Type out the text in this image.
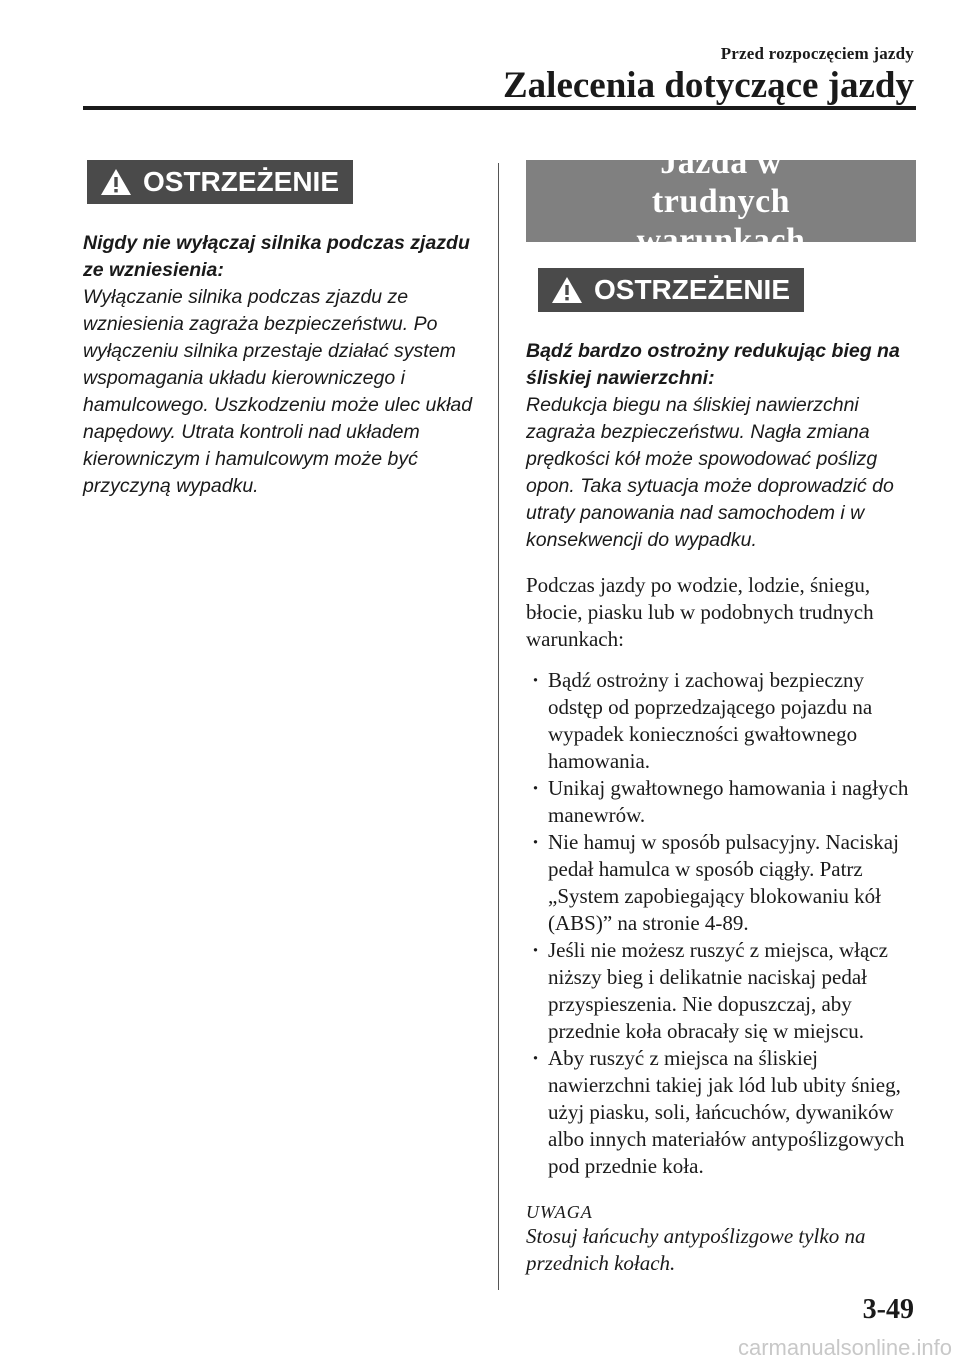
Przed rozpoczęciem jazdy
Zalecenia dotyczące jazdy
OSTRZEŻENIE

Nigdy nie wyłączaj silnika podczas zjazdu ze wzniesienia:

Wyłączanie silnika podczas zjazdu ze wzniesienia zagraża bezpieczeństwu. Po wyłączeniu silnika przestaje działać system wspomagania układu kierowniczego i hamulcowego. Uszkodzeniu może ulec układ napędowy. Utrata kontroli nad układem kierowniczym i hamulcowym może być przyczyną wypadku.

Jazda w trudnych warunkach
OSTRZEŻENIE

Bądź bardzo ostrożny redukując bieg na śliskiej nawierzchni:

Redukcja biegu na śliskiej nawierzchni zagraża bezpieczeństwu. Nagła zmiana prędkości kół może spowodować poślizg opon. Taka sytuacja może doprowadzić do utraty panowania nad samochodem i w konsekwencji do wypadku.

Podczas jazdy po wodzie, lodzie, śniegu, błocie, piasku lub w podobnych trudnych warunkach:

· Bądź ostrożny i zachowaj bezpieczny odstęp od poprzedzającego pojazdu na wypadek konieczności gwałtownego hamowania.
· Unikaj gwałtownego hamowania i nagłych manewrów.
· Nie hamuj w sposób pulsacyjny. Naciskaj pedał hamulca w sposób ciągły. Patrz „System zapobiegający blokowaniu kół (ABS)” na stronie 4-89.
· Jeśli nie możesz ruszyć z miejsca, włącz niższy bieg i delikatnie naciskaj pedał przyspieszenia. Nie dopuszczaj, aby przednie koła obracały się w miejscu.
· Aby ruszyć z miejsca na śliskiej nawierzchni takiej jak lód lub ubity śnieg, użyj piasku, soli, łańcuchów, dywaników albo innych materiałów antypoślizgowych pod przednie koła.

UWAGA

Stosuj łańcuchy antypoślizgowe tylko na przednich kołach.

3-49
carmanualsonline.info
